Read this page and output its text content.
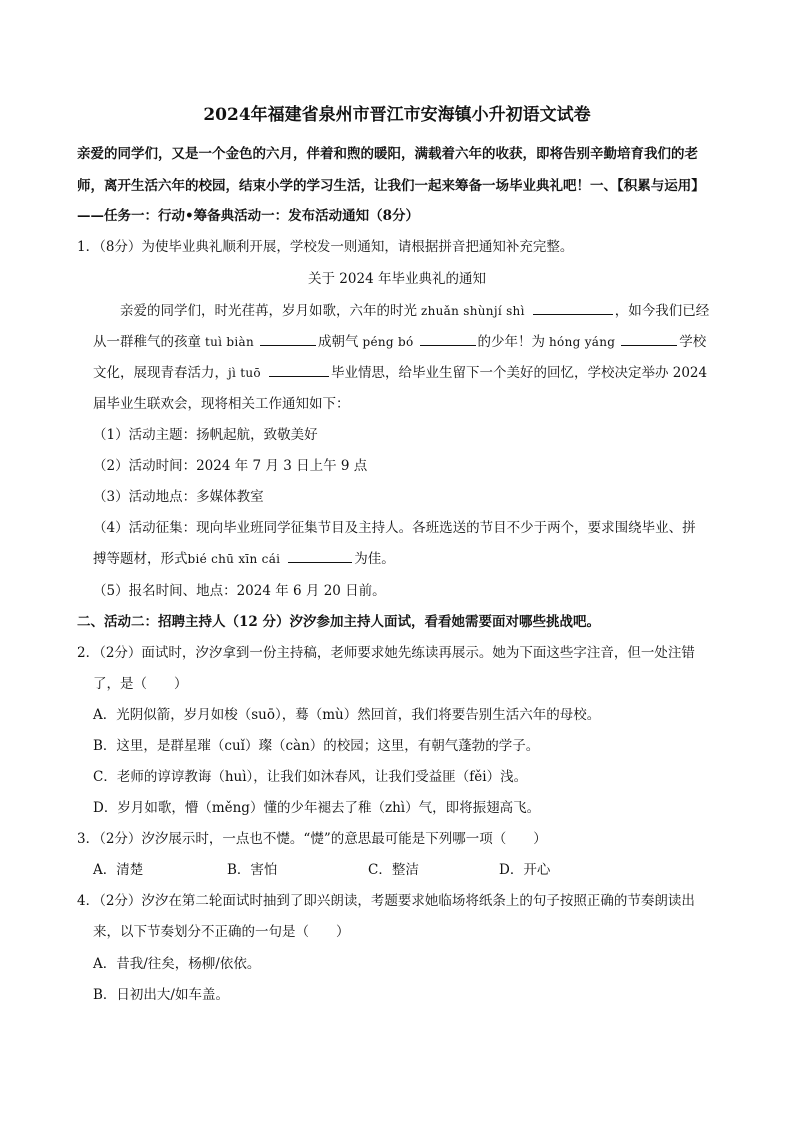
2024年福建省泉州市晋江市安海镇小升初语文试卷
亲爱的同学们，又是一个金色的六月，伴着和煦的暖阳，满载着六年的收获，即将告别辛勤培育我们的老
师，离开生活六年的校园，结束小学的学习生活，让我们一起来筹备一场毕业典礼吧！一、【积累与运用】
——任务一：行动•筹备典活动一：发布活动通知（8分）
1．（8分）为使毕业典礼顺利开展，学校发一则通知，请根据拼音把通知补充完整。
关于 2024 年毕业典礼的通知
亲爱的同学们，时光荏苒，岁月如歌，六年的时光 zhuǎn shùnjí shì	，如今我们已经
从一群稚气的孩童 tuì biàn	成朝气 péng bó	的少年！为 hóng yáng	学校
文化，展现青春活力，jì tuō	毕业情思，给毕业生留下一个美好的回忆，学校决定举办 2024
届毕业生联欢会，现将相关工作通知如下：
（1）活动主题：扬帆起航，致敬美好
（2）活动时间：2024 年 7 月 3 日上午 9 点
（3）活动地点：多媒体教室
（4）活动征集：现向毕业班同学征集节目及主持人。各班选送的节目不少于两个，要求围绕毕业、拼
搏等题材，形式bié chū xīn cái	为佳。
（5）报名时间、地点：2024 年 6 月 20 日前。
二、活动二：招聘主持人（12 分）汐汐参加主持人面试，看看她需要面对哪些挑战吧。
2．（2分）面试时，汐汐拿到一份主持稿，老师要求她先练读再展示。她为下面这些字注音，但一处注错
了，是（　　）
A．光阴似箭，岁月如梭（suō），蓦（mù）然回首，我们将要告别生活六年的母校。
B．这里，是群星璀（cuǐ）璨（càn）的校园；这里，有朝气蓬勃的学子。
C．老师的谆谆教诲（huì），让我们如沐春风，让我们受益匪（fěi）浅。
D．岁月如歌，懵（měng）懂的少年褪去了稚（zhì）气，即将振翅高飞。
3．（2分）汐汐展示时，一点也不憷。“憷”的意思最可能是下列哪一项（　　）
A．清楚	B．害怕	C．整洁	D．开心
4．（2分）汐汐在第二轮面试时抽到了即兴朗读，考题要求她临场将纸条上的句子按照正确的节奏朗读出
来，以下节奏划分不正确的一句是（　　）
A．昔我/往矣，杨柳/依依。
B．日初出大/如车盖。
